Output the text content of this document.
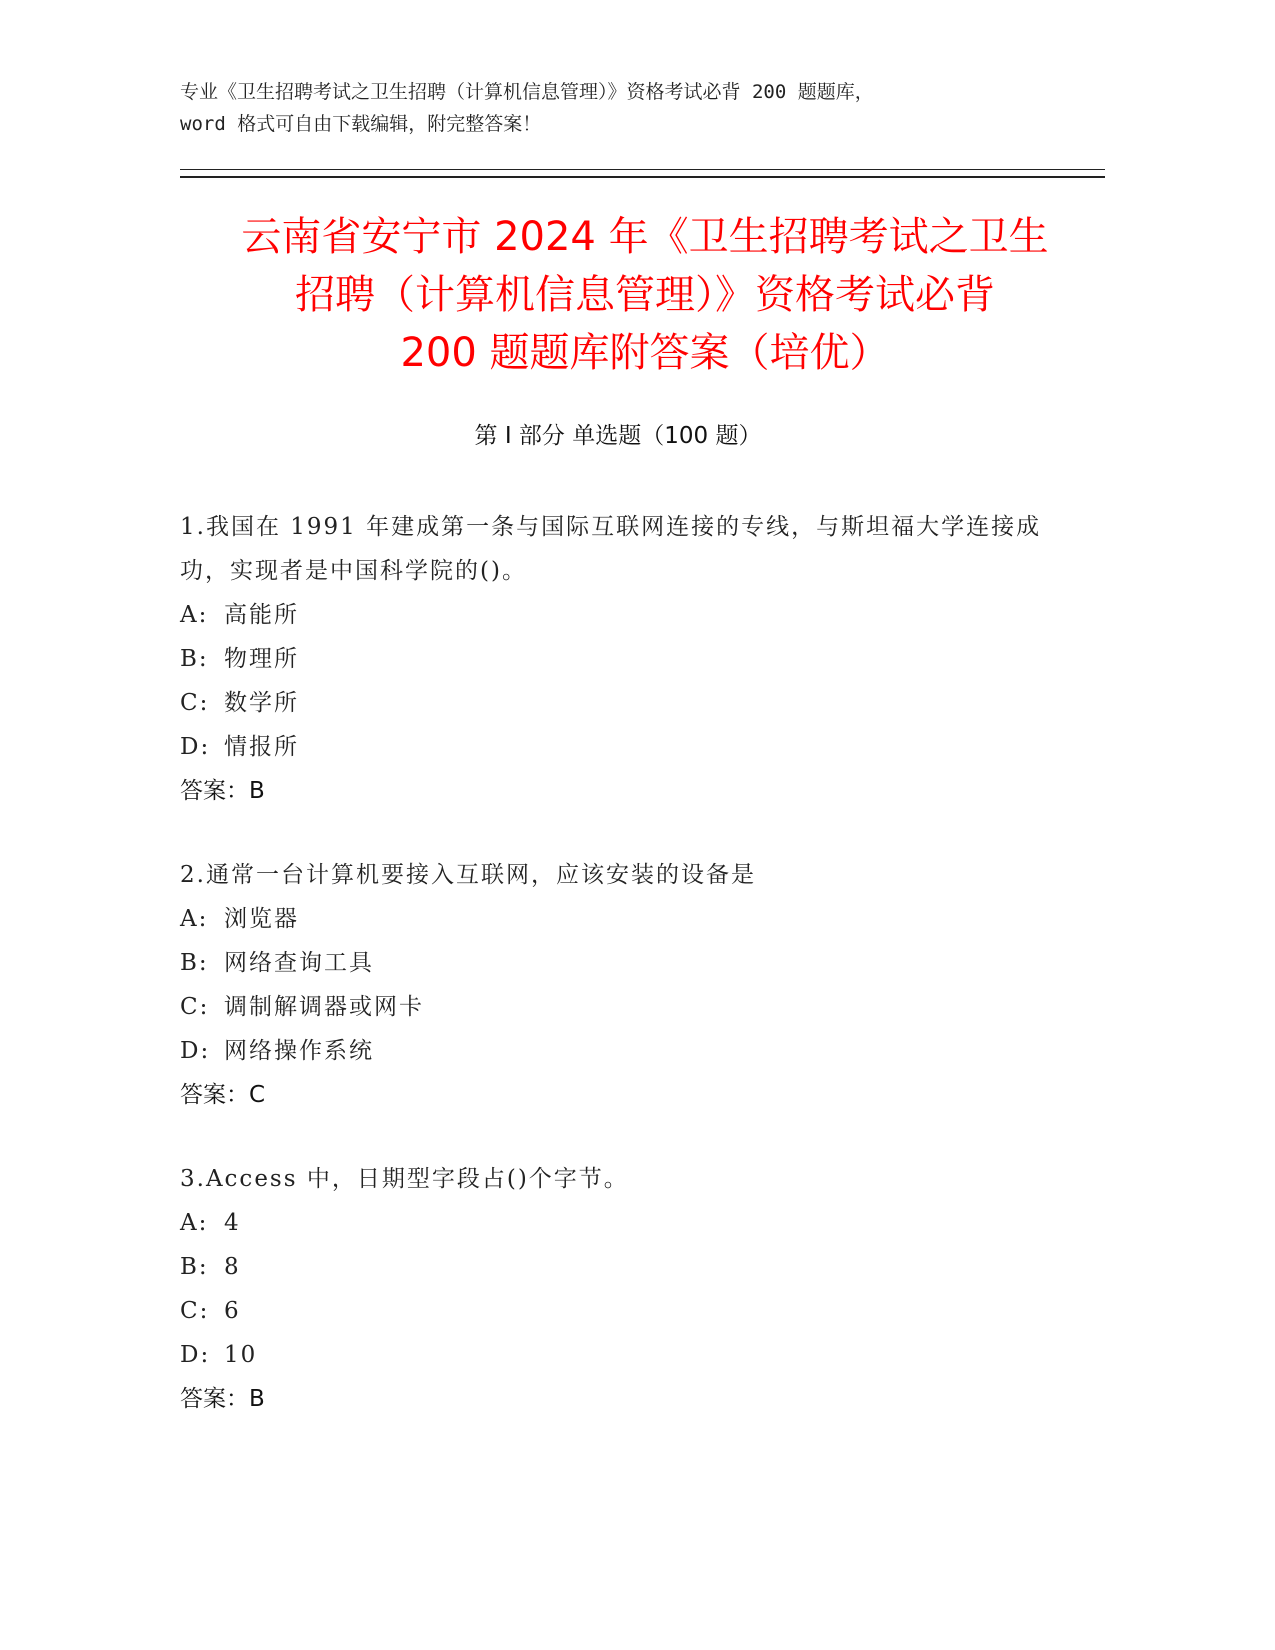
专业《卫生招聘考试之卫生招聘（计算机信息管理）》资格考试必背 200 题题库，
word 格式可自由下载编辑，附完整答案！
云南省安宁市 2024 年《卫生招聘考试之卫生
招聘（计算机信息管理）》资格考试必背
200 题题库附答案（培优）
第 I 部分 单选题（100 题）
1.我国在 1991 年建成第一条与国际互联网连接的专线，与斯坦福大学连接成功，实现者是中国科学院的()。
A: 高能所
B: 物理所
C: 数学所
D: 情报所
答案：B
2.通常一台计算机要接入互联网，应该安装的设备是
A: 浏览器
B: 网络查询工具
C: 调制解调器或网卡
D: 网络操作系统
答案：C
3.Access 中，日期型字段占()个字节。
A: 4
B: 8
C: 6
D: 10
答案：B
